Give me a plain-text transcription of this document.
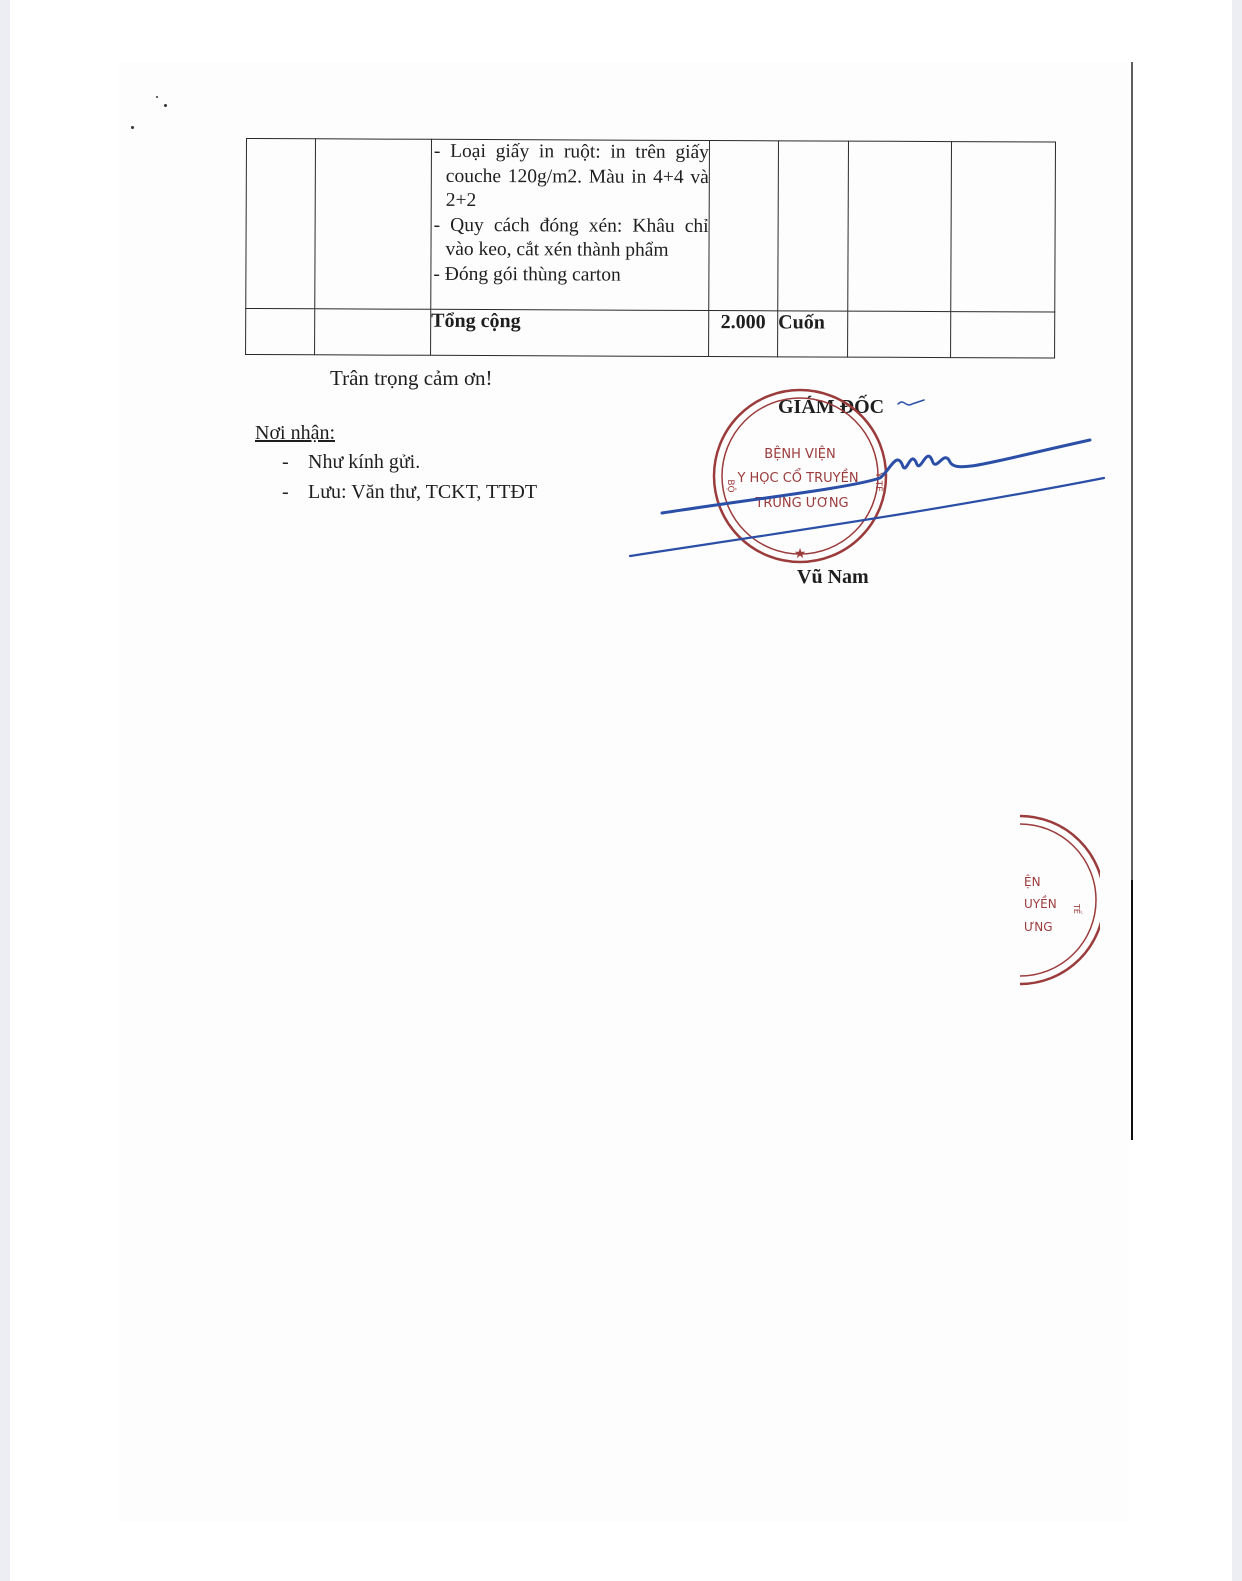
		- Loại giấy in ruột: in trên giấy couche 120g/m2. Màu in 4+4 và 2+2

- Quy cách đóng xén: Khâu chỉ vào keo, cắt xén thành phẩm

- Đóng gói thùng carton				

		Tổng cộng	2.000	Cuốn		
Trân trọng cảm ơn!
Nơi nhận:
- Như kính gửi.
- Lưu: Văn thư, TCKT, TTĐT
GIÁM ĐỐC
BỆNH VIỆN
Y HỌC CỔ TRUYỀN
TRUNG ƯƠNG
BỘ	Y TẾ
★
ỆN
UYỀN
ƯNG
TẾ
Vũ Nam
